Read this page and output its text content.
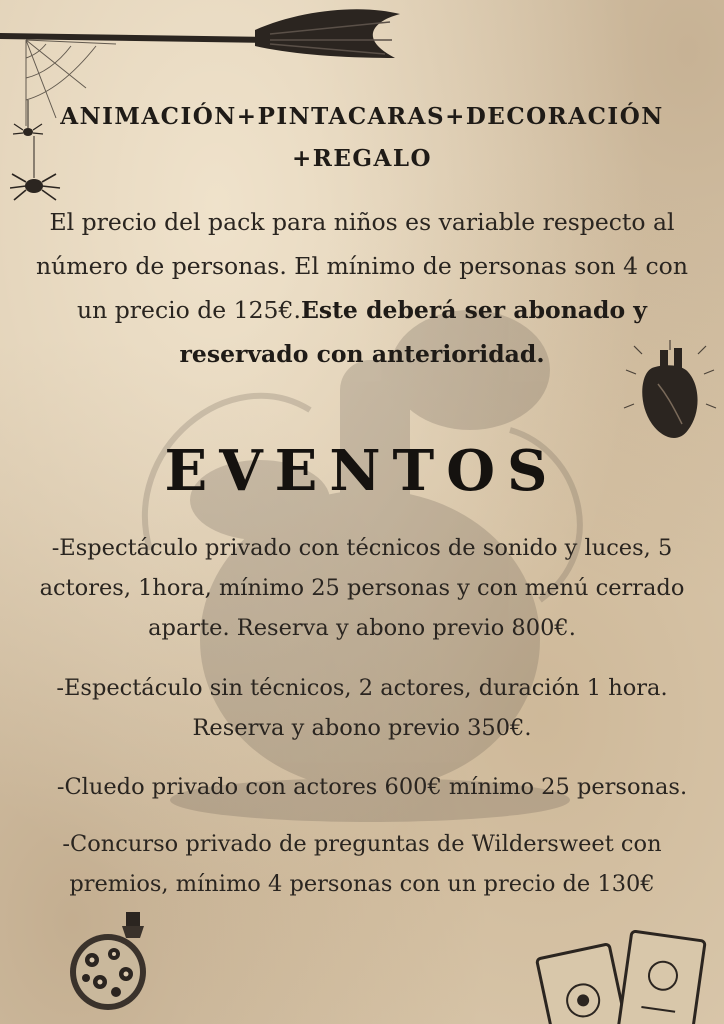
ANIMACIÓN+PINTACARAS+DECORACIÓN +REGALO
El precio del pack para niños es variable respecto al número de personas. El mínimo de personas son 4 con un precio de 125€.Este deberá ser abonado y reservado con anterioridad.
EVENTOS
-Espectáculo privado con técnicos de sonido y luces, 5 actores, 1hora, mínimo 25 personas y con menú cerrado aparte. Reserva y abono previo 800€.
-Espectáculo sin técnicos, 2 actores, duración 1 hora. Reserva y abono previo 350€.
-Cluedo privado con actores 600€ mínimo 25 personas.
-Concurso privado de preguntas de Wildersweet con premios, mínimo 4 personas con un precio de 130€
